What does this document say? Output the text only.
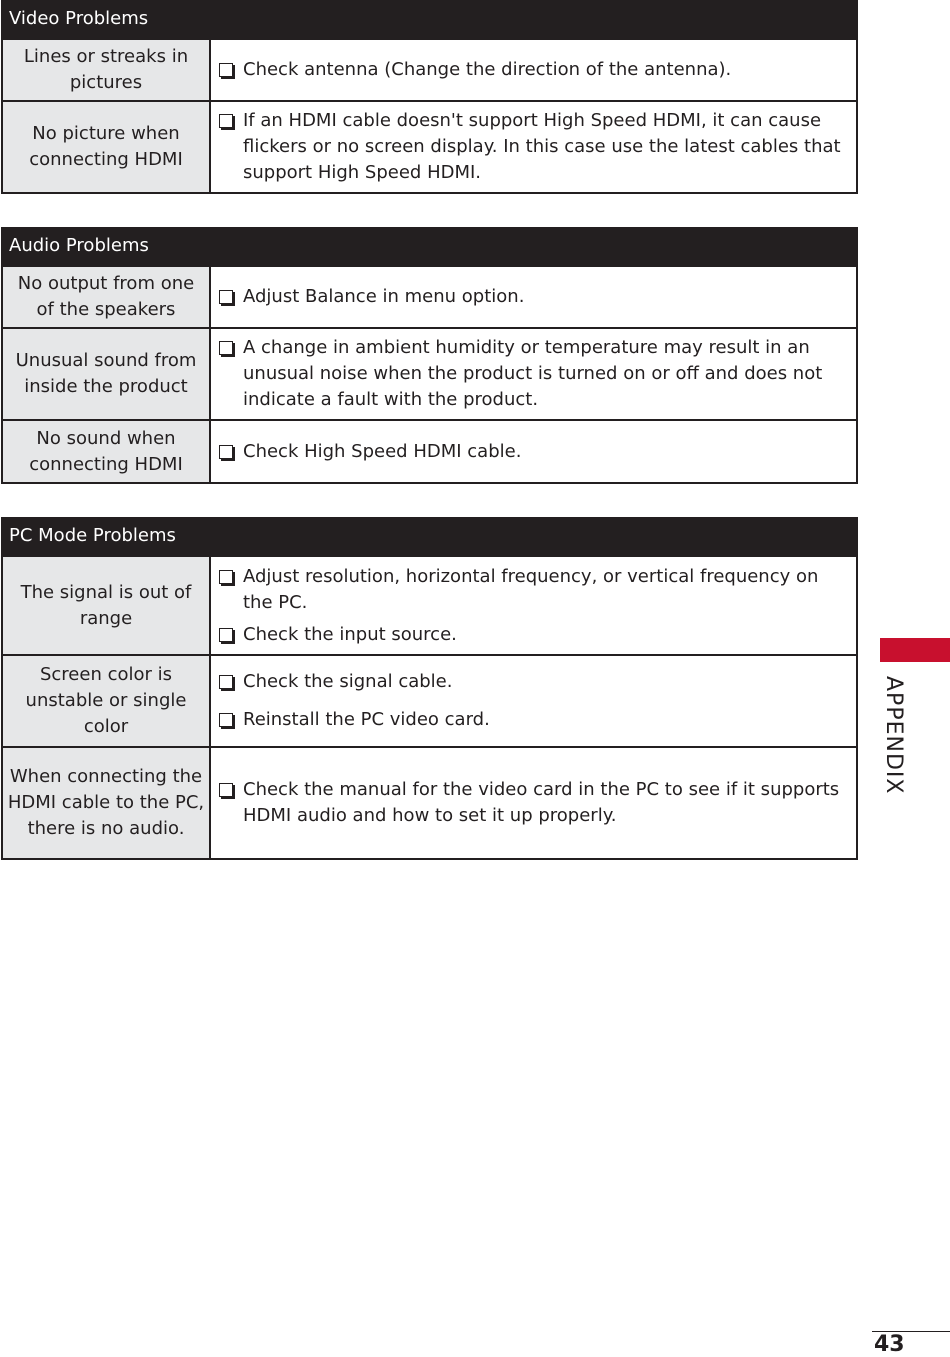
Video Problems
Lines or streaks in pictures	Check antenna (Change the direction of the antenna).

No picture when connecting HDMI	If an HDMI cable doesn't support High Speed HDMI, it can cause flickers or no screen display. In this case use the latest cables that support High Speed HDMI.
Audio Problems
No output from one of the speakers	Adjust Balance in menu option.

Unusual sound from inside the product	A change in ambient humidity or temperature may result in an unusual noise when the product is turned on or off and does not indicate a fault with the product.

No sound when connecting HDMI	Check High Speed HDMI cable.
PC Mode Problems
The signal is out of range	Adjust resolution, horizontal frequency, or vertical frequency on the PC.
Check the input source.

Screen color is unstable or single color	Check the signal cable.
Reinstall the PC video card.

When connecting the HDMI cable to the PC, there is no audio.	Check the manual for the video card in the PC to see if it supports HDMI audio and how to set it up properly.
APPENDIX
43
